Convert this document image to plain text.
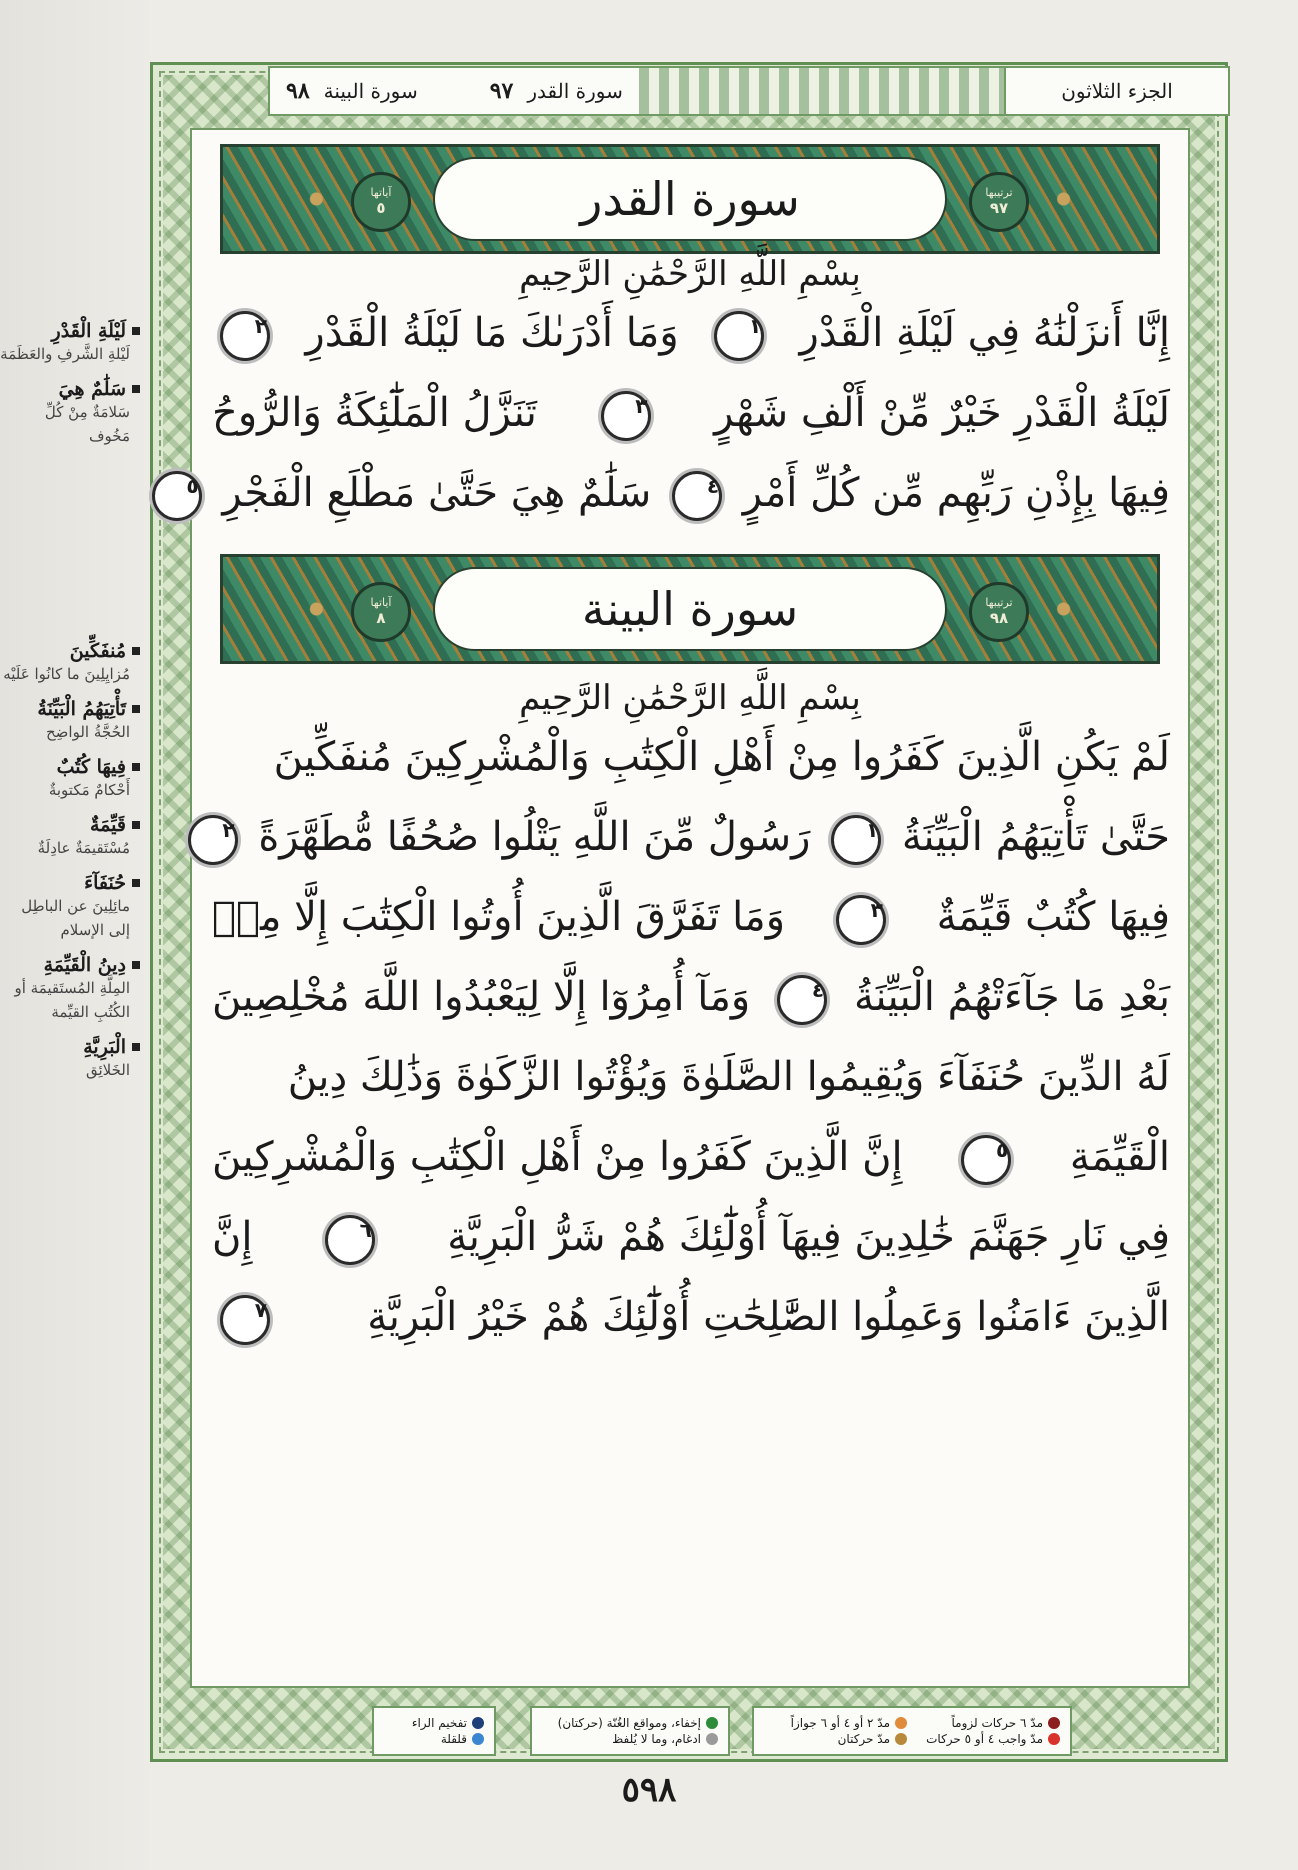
الجزء الثلاثون
سورة القدر
٩٧
سورة البينة
٩٨
ترتيبها
٩٧
سورة القدر
آياتها
٥
بِسْمِ اللَّهِ الرَّحْمَٰنِ الرَّحِيمِ
إِنَّا أَنزَلْنَٰهُ فِي لَيْلَةِ الْقَدْرِ ١ وَمَا أَدْرَىٰكَ مَا لَيْلَةُ الْقَدْرِ ٢
لَيْلَةُ الْقَدْرِ خَيْرٌ مِّنْ أَلْفِ شَهْرٍ ٣ تَنَزَّلُ الْمَلَٰٓئِكَةُ وَالرُّوحُ
فِيهَا بِإِذْنِ رَبِّهِم مِّن كُلِّ أَمْرٍ ٤ سَلَٰمٌ هِيَ حَتَّىٰ مَطْلَعِ الْفَجْرِ ٥
ترتيبها
٩٨
سورة البينة
آياتها
٨
بِسْمِ اللَّهِ الرَّحْمَٰنِ الرَّحِيمِ
لَمْ يَكُنِ الَّذِينَ كَفَرُوا مِنْ أَهْلِ الْكِتَٰبِ وَالْمُشْرِكِينَ مُنفَكِّينَ
حَتَّىٰ تَأْتِيَهُمُ الْبَيِّنَةُ ١ رَسُولٌ مِّنَ اللَّهِ يَتْلُوا صُحُفًا مُّطَهَّرَةً ٢
فِيهَا كُتُبٌ قَيِّمَةٌ ٣ وَمَا تَفَرَّقَ الَّذِينَ أُوتُوا الْكِتَٰبَ إِلَّا مِنۢ
بَعْدِ مَا جَآءَتْهُمُ الْبَيِّنَةُ ٤ وَمَآ أُمِرُوٓا إِلَّا لِيَعْبُدُوا اللَّهَ مُخْلِصِينَ
لَهُ الدِّينَ حُنَفَآءَ وَيُقِيمُوا الصَّلَوٰةَ وَيُؤْتُوا الزَّكَوٰةَ وَذَٰلِكَ دِينُ
الْقَيِّمَةِ ٥ إِنَّ الَّذِينَ كَفَرُوا مِنْ أَهْلِ الْكِتَٰبِ وَالْمُشْرِكِينَ
فِي نَارِ جَهَنَّمَ خَٰلِدِينَ فِيهَآ أُوْلَٰٓئِكَ هُمْ شَرُّ الْبَرِيَّةِ ٦ إِنَّ
الَّذِينَ ءَامَنُوا وَعَمِلُوا الصَّٰلِحَٰتِ أُوْلَٰٓئِكَ هُمْ خَيْرُ الْبَرِيَّةِ ٧
مدّ ٦ حركات لزوماً
مدّ ٢ أو ٤ أو ٦ جوازاً
مدّ واجب ٤ أو ٥ حركات
مدّ حركتان
إخفاء، ومواقع الغُنّة (حركتان)
ادغام، وما لا يُلفظ
تفخيم الراء
قلقلة
٥٩٨
لَيْلَةِ الْقَدْرِ
لَيْلةِ الشَّرفِ والعَظَمَة
سَلَٰمٌ هِيَ
سَلامَةٌ مِنْ كُلِّ مَخُوف
مُنفَكِّينَ
مُزايِلِينَ ما كانُوا عَلَيْه
تَأْتِيَهُمُ الْبَيِّنَةُ
الحُجَّةُ الواضِح
فِيهَا كُتُبٌ
أَحْكامٌ مَكتوبةٌ
قَيِّمَةٌ
مُسْتَقيمَةٌ عادِلَةٌ
حُنَفَآءَ
مائِلِينَ عن الباطِل إلى الإسلام
دِينُ الْقَيِّمَةِ
المِلَّةِ المُستَقيمَة أو الكُتُبِ القيِّمة
الْبَرِيَّةِ
الخَلائِق
